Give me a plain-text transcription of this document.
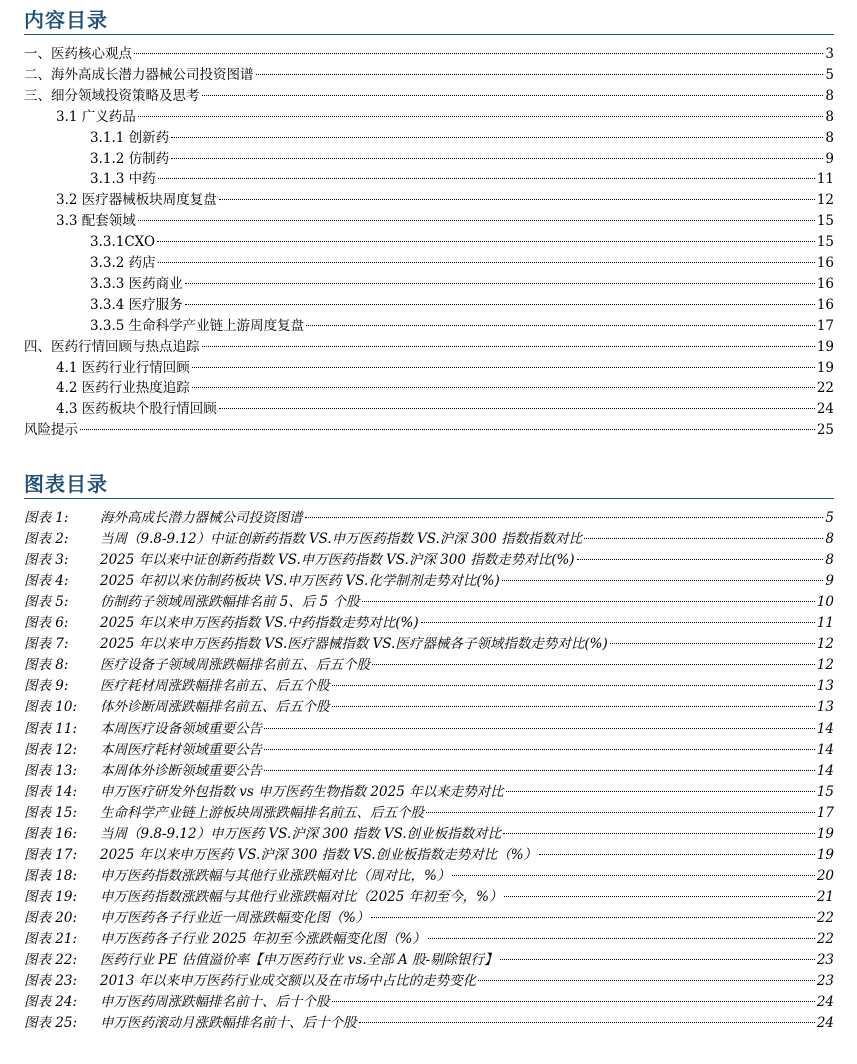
内容目录
一、医药核心观点	3
二、海外高成长潜力器械公司投资图谱	5
三、细分领域投资策略及思考	8
3.1 广义药品	8
3.1.1 创新药	8
3.1.2 仿制药	9
3.1.3 中药	11
3.2 医疗器械板块周度复盘	12
3.3 配套领域	15
3.3.1CXO	15
3.3.2 药店	16
3.3.3 医药商业	16
3.3.4 医疗服务	16
3.3.5 生命科学产业链上游周度复盘	17
四、医药行情回顾与热点追踪	19
4.1 医药行业行情回顾	19
4.2 医药行业热度追踪	22
4.3 医药板块个股行情回顾	24
风险提示	25
图表目录
图表 1:	海外高成长潜力器械公司投资图谱	5
图表 2:	当周（9.8-9.12）中证创新药指数 VS.申万医药指数 VS.沪深 300 指数指数对比	8
图表 3:	2025 年以来中证创新药指数 VS.申万医药指数 VS.沪深 300 指数走势对比(%)	8
图表 4:	2025 年初以来仿制药板块 VS.申万医药 VS.化学制剂走势对比(%)	9
图表 5:	仿制药子领域周涨跌幅排名前 5、后 5 个股	10
图表 6:	2025 年以来申万医药指数 VS.中药指数走势对比(%)	11
图表 7:	2025 年以来申万医药指数 VS.医疗器械指数 VS.医疗器械各子领域指数走势对比(%)	12
图表 8:	医疗设备子领域周涨跌幅排名前五、后五个股	12
图表 9:	医疗耗材周涨跌幅排名前五、后五个股	13
图表 10:	体外诊断周涨跌幅排名前五、后五个股	13
图表 11:	本周医疗设备领域重要公告	14
图表 12:	本周医疗耗材领域重要公告	14
图表 13:	本周体外诊断领域重要公告	14
图表 14:	申万医疗研发外包指数 vs 申万医药生物指数 2025 年以来走势对比	15
图表 15:	生命科学产业链上游板块周涨跌幅排名前五、后五个股	17
图表 16:	当周（9.8-9.12）申万医药 VS.沪深 300 指数 VS.创业板指数对比	19
图表 17:	2025 年以来申万医药 VS.沪深 300 指数 VS.创业板指数走势对比（%）	19
图表 18:	申万医药指数涨跌幅与其他行业涨跌幅对比（周对比，%）	20
图表 19:	申万医药指数涨跌幅与其他行业涨跌幅对比（2025 年初至今，%）	21
图表 20:	申万医药各子行业近一周涨跌幅变化图（%）	22
图表 21:	申万医药各子行业 2025 年初至今涨跌幅变化图（%）	22
图表 22:	医药行业 PE 估值溢价率【申万医药行业 vs.全部 A 股-剔除银行】	23
图表 23:	2013 年以来申万医药行业成交额以及在市场中占比的走势变化	23
图表 24:	申万医药周涨跌幅排名前十、后十个股	24
图表 25:	申万医药滚动月涨跌幅排名前十、后十个股	24
